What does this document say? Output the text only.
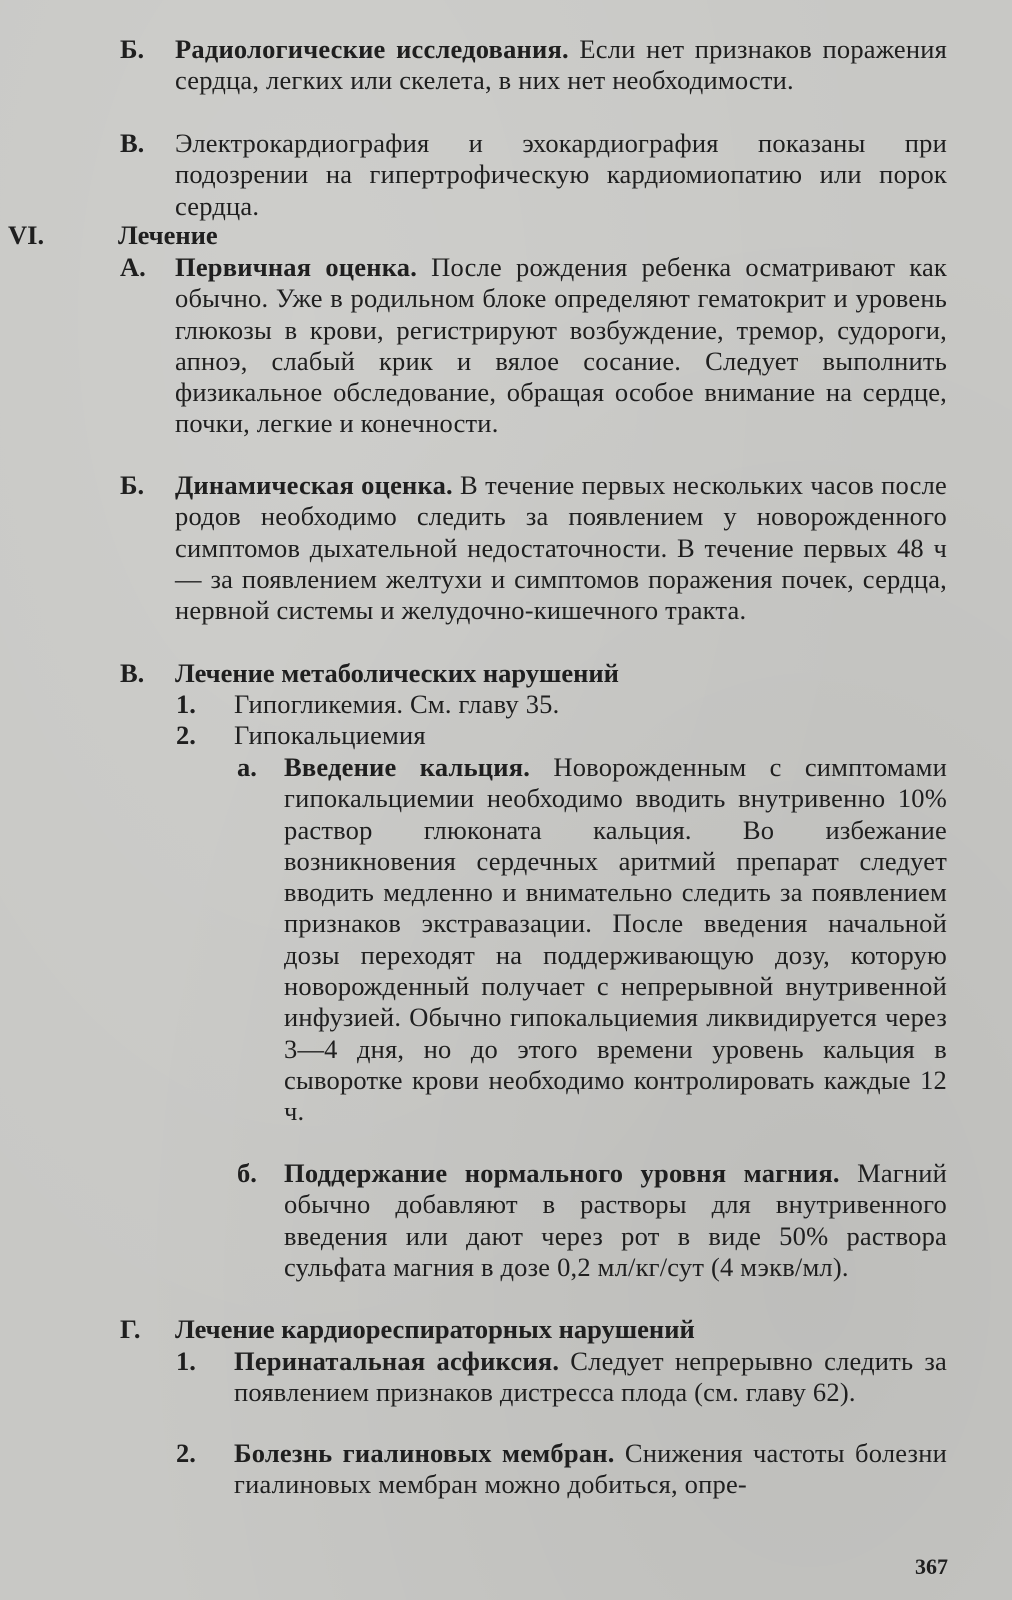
Б. Радиологические исследования. Если нет признаков поражения сердца, легких или скелета, в них нет необходимости.
В. Электрокардиография и эхокардиография показаны при подозрении на гипертрофическую кардиомиопатию или порок сердца.
VI.	Лечение
А. Первичная оценка. После рождения ребенка осматривают как обычно. Уже в родильном блоке определяют гематокрит и уровень глюкозы в крови, регистрируют возбуждение, тремор, судороги, апноэ, слабый крик и вялое сосание. Следует выполнить физикальное обследование, обращая особое внимание на сердце, почки, легкие и конечности.
Б. Динамическая оценка. В течение первых нескольких часов после родов необходимо следить за появлением у новорожденного симптомов дыхательной недостаточности. В течение первых 48 ч — за появлением желтухи и симптомов поражения почек, сердца, нервной системы и желудочно-кишечного тракта.
В. Лечение метаболических нарушений
1. Гипогликемия. См. главу 35.
2. Гипокальциемия
а. Введение кальция. Новорожденным с симптомами гипокальциемии необходимо вводить внутривенно 10% раствор глюконата кальция. Во избежание возникновения сердечных аритмий препарат следует вводить медленно и внимательно следить за появлением признаков экстравазации. После введения начальной дозы переходят на поддерживающую дозу, которую новорожденный получает с непрерывной внутривенной инфузией. Обычно гипокальциемия ликвидируется через 3—4 дня, но до этого времени уровень кальция в сыворотке крови необходимо контролировать каждые 12 ч.
б. Поддержание нормального уровня магния. Магний обычно добавляют в растворы для внутривенного введения или дают через рот в виде 50% раствора сульфата магния в дозе 0,2 мл/кг/сут (4 мэкв/мл).
Г. Лечение кардиореспираторных нарушений
1. Перинатальная асфиксия. Следует непрерывно следить за появлением признаков дистресса плода (см. главу 62).
2. Болезнь гиалиновых мембран. Снижения частоты болезни гиалиновых мембран можно добиться, опре-
367
